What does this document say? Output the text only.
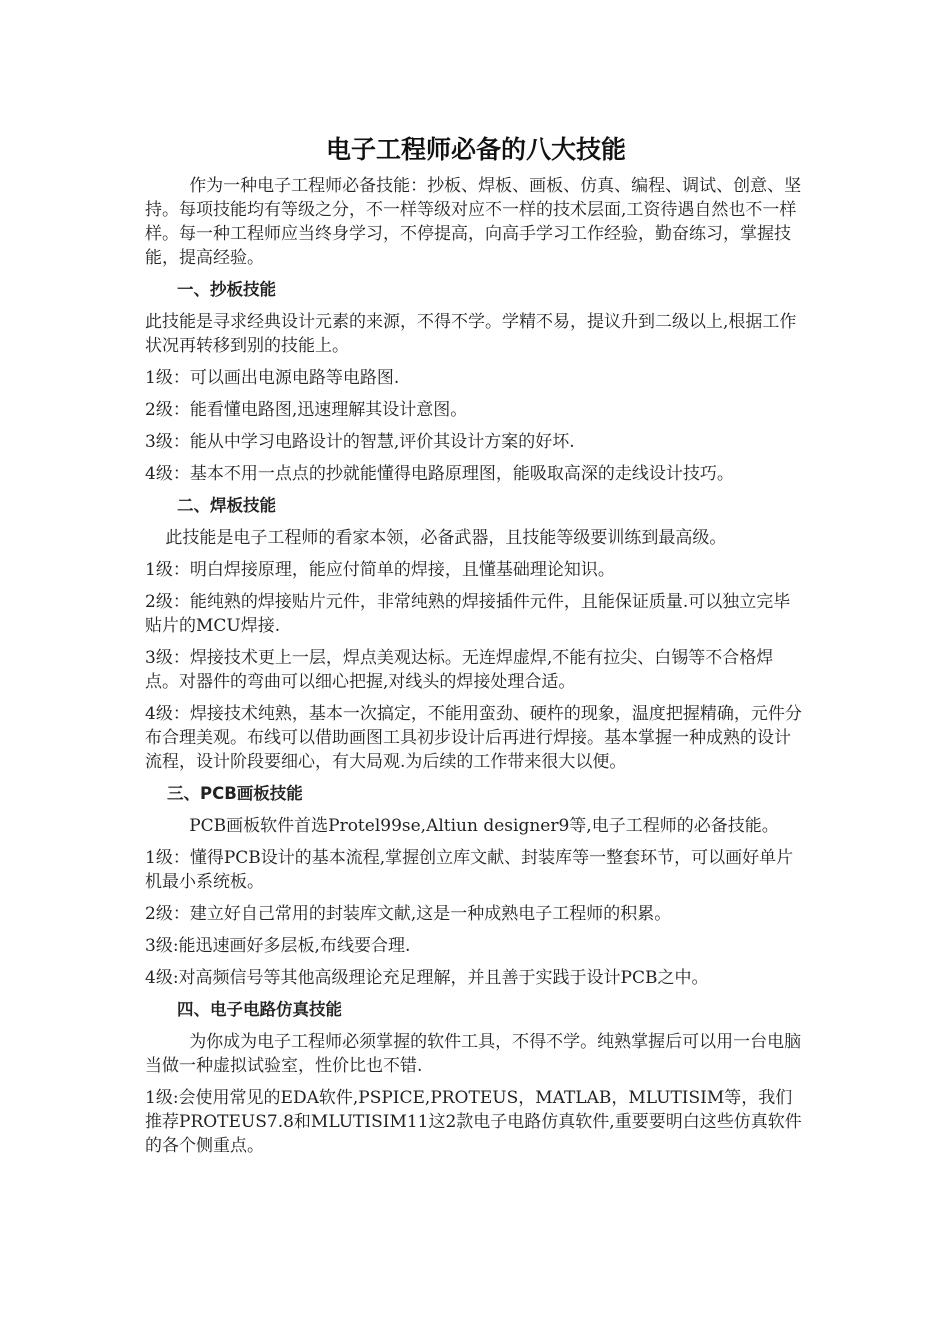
电子工程师必备的八大技能

作为一种电子工程师必备技能：抄板、焊板、画板、仿真、编程、调试、创意、坚持。每项技能均有等级之分，不一样等级对应不一样的技术层面,工资待遇自然也不一样样。每一种工程师应当终身学习，不停提高，向高手学习工作经验，勤奋练习，掌握技能，提高经验。

一、抄板技能

此技能是寻求经典设计元素的来源，不得不学。学精不易，提议升到二级以上,根据工作状况再转移到别的技能上。

1级：可以画出电源电路等电路图.

2级：能看懂电路图,迅速理解其设计意图。

3级：能从中学习电路设计的智慧,评价其设计方案的好坏.

4级：基本不用一点点的抄就能懂得电路原理图，能吸取高深的走线设计技巧。

二、焊板技能

此技能是电子工程师的看家本领，必备武器，且技能等级要训练到最高级。

1级：明白焊接原理，能应付简单的焊接，且懂基础理论知识。

2级：能纯熟的焊接贴片元件，非常纯熟的焊接插件元件，且能保证质量.可以独立完毕贴片的MCU焊接.

3级：焊接技术更上一层，焊点美观达标。无连焊虚焊,不能有拉尖、白锡等不合格焊点。对器件的弯曲可以细心把握,对线头的焊接处理合适。

4级：焊接技术纯熟，基本一次搞定，不能用蛮劲、硬杵的现象，温度把握精确，元件分布合理美观。布线可以借助画图工具初步设计后再进行焊接。基本掌握一种成熟的设计流程，设计阶段要细心，有大局观.为后续的工作带来很大以便。

三、PCB画板技能

PCB画板软件首选Protel99se,Altiun designer9等,电子工程师的必备技能。

1级：懂得PCB设计的基本流程,掌握创立库文献、封装库等一整套环节，可以画好单片机最小系统板。

2级：建立好自己常用的封装库文献,这是一种成熟电子工程师的积累。

3级:能迅速画好多层板,布线要合理.

4级:对高频信号等其他高级理论充足理解，并且善于实践于设计PCB之中。

四、电子电路仿真技能

为你成为电子工程师必须掌握的软件工具，不得不学。纯熟掌握后可以用一台电脑当做一种虚拟试验室，性价比也不错.

1级:会使用常见的EDA软件,PSPICE,PROTEUS，MATLAB，MLUTISIM等，我们推荐PROTEUS7.8和MLUTISIM11这2款电子电路仿真软件,重要要明白这些仿真软件的各个侧重点。
